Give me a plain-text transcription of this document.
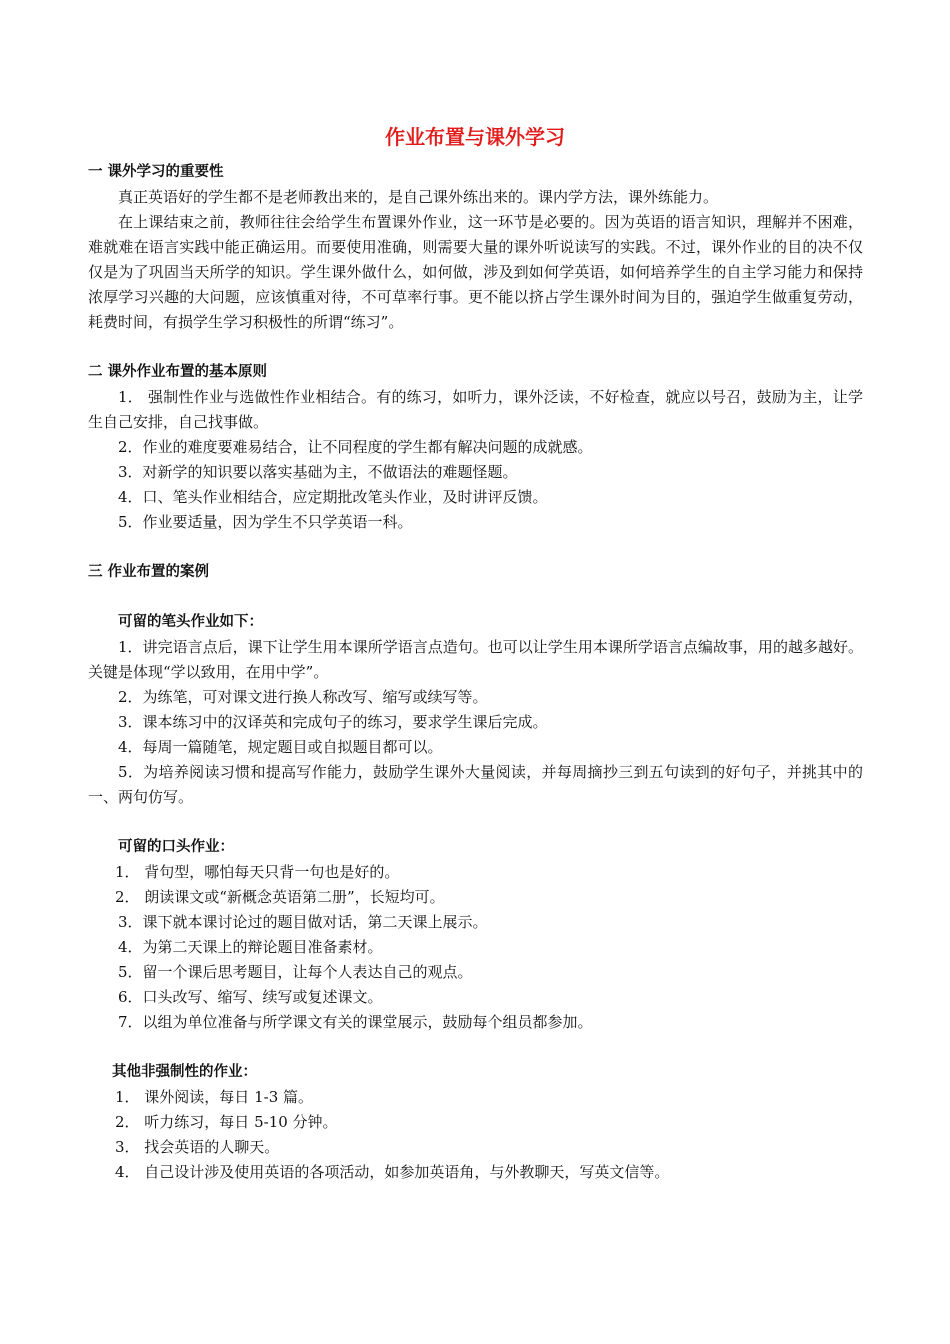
作业布置与课外学习
一 课外学习的重要性
真正英语好的学生都不是老师教出来的，是自己课外练出来的。课内学方法，课外练能力。
在上课结束之前，教师往往会给学生布置课外作业，这一环节是必要的。因为英语的语言知识，理解并不困难，难就难在语言实践中能正确运用。而要使用准确，则需要大量的课外听说读写的实践。不过，课外作业的目的决不仅仅是为了巩固当天所学的知识。学生课外做什么，如何做，涉及到如何学英语，如何培养学生的自主学习能力和保持浓厚学习兴趣的大问题，应该慎重对待，不可草率行事。更不能以挤占学生课外时间为目的，强迫学生做重复劳动，耗费时间，有损学生学习积极性的所谓“练习”。
二 课外作业布置的基本原则
1． 强制性作业与选做性作业相结合。有的练习，如听力，课外泛读，不好检查，就应以号召，鼓励为主，让学生自己安排，自己找事做。
2．作业的难度要难易结合，让不同程度的学生都有解决问题的成就感。
3．对新学的知识要以落实基础为主，不做语法的难题怪题。
4．口、笔头作业相结合，应定期批改笔头作业，及时讲评反馈。
5．作业要适量，因为学生不只学英语一科。
三 作业布置的案例
可留的笔头作业如下：
1．讲完语言点后，课下让学生用本课所学语言点造句。也可以让学生用本课所学语言点编故事，用的越多越好。关键是体现“学以致用，在用中学”。
2．为练笔，可对课文进行换人称改写、缩写或续写等。
3．课本练习中的汉译英和完成句子的练习，要求学生课后完成。
4．每周一篇随笔，规定题目或自拟题目都可以。
5．为培养阅读习惯和提高写作能力，鼓励学生课外大量阅读，并每周摘抄三到五句读到的好句子，并挑其中的一、两句仿写。
可留的口头作业：
1． 背句型，哪怕每天只背一句也是好的。
2． 朗读课文或“新概念英语第二册”，长短均可。
3．课下就本课讨论过的题目做对话，第二天课上展示。
4．为第二天课上的辩论题目准备素材。
5．留一个课后思考题目，让每个人表达自己的观点。
6．口头改写、缩写、续写或复述课文。
7．以组为单位准备与所学课文有关的课堂展示，鼓励每个组员都参加。
其他非强制性的作业：
1． 课外阅读，每日 1-3 篇。
2． 听力练习，每日 5-10 分钟。
3． 找会英语的人聊天。
4． 自己设计涉及使用英语的各项活动，如参加英语角，与外教聊天，写英文信等。
